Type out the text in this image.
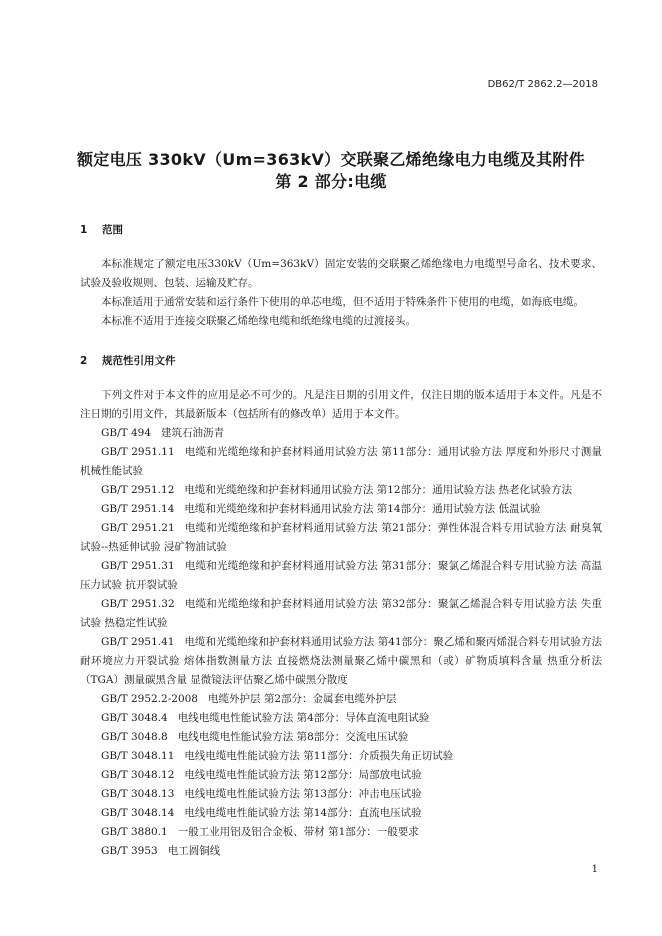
DB62/T 2862.2—2018
额定电压 330kV（Um=363kV）交联聚乙烯绝缘电力电缆及其附件
第 2 部分:电缆
1 范围

本标准规定了额定电压330kV（Um=363kV）固定安装的交联聚乙烯绝缘电力电缆型号命名、技术要求、试验及验收规则、包装、运输及贮存。

本标准适用于通常安装和运行条件下使用的单芯电缆，但不适用于特殊条件下使用的电缆，如海底电缆。

本标准不适用于连接交联聚乙烯绝缘电缆和纸绝缘电缆的过渡接头。

2 规范性引用文件

下列文件对于本文件的应用是必不可少的。凡是注日期的引用文件，仅注日期的版本适用于本文件。凡是不注日期的引用文件，其最新版本（包括所有的修改单）适用于本文件。

GB/T 494 建筑石油沥青

GB/T 2951.11 电缆和光缆绝缘和护套材料通用试验方法 第11部分：通用试验方法 厚度和外形尺寸测量 机械性能试验

GB/T 2951.12 电缆和光缆绝缘和护套材料通用试验方法 第12部分：通用试验方法 热老化试验方法

GB/T 2951.14 电缆和光缆绝缘和护套材料通用试验方法 第14部分：通用试验方法 低温试验

GB/T 2951.21 电缆和光缆绝缘和护套材料通用试验方法 第21部分：弹性体混合料专用试验方法 耐臭氧试验--热延伸试验 浸矿物油试验

GB/T 2951.31 电缆和光缆绝缘和护套材料通用试验方法 第31部分：聚氯乙烯混合料专用试验方法 高温压力试验 抗开裂试验

GB/T 2951.32 电缆和光缆绝缘和护套材料通用试验方法 第32部分：聚氯乙烯混合料专用试验方法 失重试验 热稳定性试验

GB/T 2951.41 电缆和光缆绝缘和护套材料通用试验方法 第41部分：聚乙烯和聚丙烯混合料专用试验方法 耐环境应力开裂试验 熔体指数测量方法 直接燃烧法测量聚乙烯中碳黑和（或）矿物质填料含量 热重分析法（TGA）测量碳黑含量 显微镜法评估聚乙烯中碳黑分散度

GB/T 2952.2-2008 电缆外护层 第2部分：金属套电缆外护层

GB/T 3048.4 电线电缆电性能试验方法 第4部分：导体直流电阻试验

GB/T 3048.8 电线电缆电性能试验方法 第8部分：交流电压试验

GB/T 3048.11 电线电缆电性能试验方法 第11部分：介质损失角正切试验

GB/T 3048.12 电线电缆电性能试验方法 第12部分：局部放电试验

GB/T 3048.13 电线电缆电性能试验方法 第13部分：冲击电压试验

GB/T 3048.14 电线电缆电性能试验方法 第14部分：直流电压试验

GB/T 3880.1 一般工业用铝及铝合金板、带材 第1部分：一般要求

GB/T 3953 电工圆铜线

1
